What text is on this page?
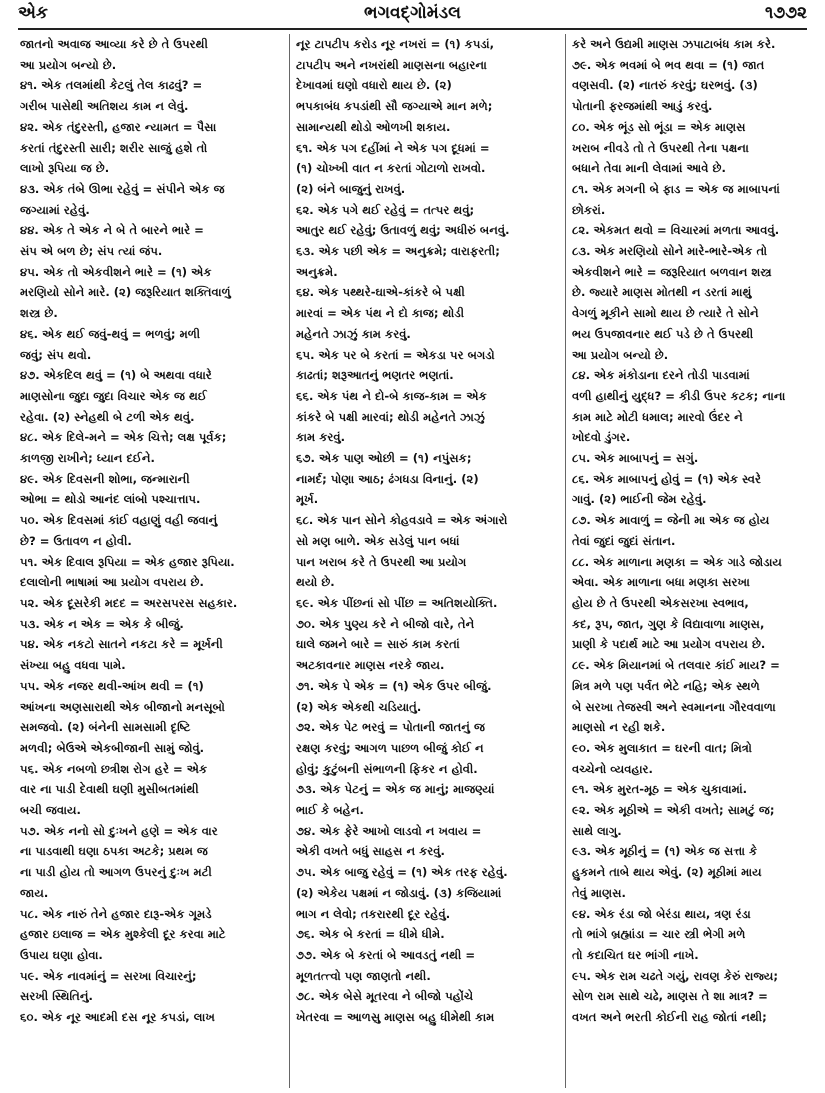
ભગવદ્ગોમંડલ
એક	૧૭૭૨
જાતનો અવાજ આવ્યા કરે છે તે ઉપરથી
આ પ્રયોગ બન્યો છે.
૪૧. એક તલમાંથી કેટલું તેલ કાઢવું? =
ગરીબ પાસેથી અતિશય કામ ન લેવું.
૪૨. એક તંદુરસ્તી, હજાર ન્યામત = પૈસા
કરતાં તંદુરસ્તી સારી; શરીર સાજું હશે તો
લાખો રૂપિયા જ છે.
૪૩. એક તંબે ઊભા રહેવું = સંપીને એક જ
જગ્યામાં રહેવું.
૪૪. એક તે એક ને બે તે બારને ભારે =
સંપ એ બળ છે; સંપ ત્યાં જંપ.
૪૫. એક તો એકવીશને ભારે = (૧) એક
મરણિયો સોને મારે. (૨) જરૂરિયાત શક્તિવાળું
શસ્ત્ર છે.
૪૬. એક થઈ જવું-થવું = ભળવું; મળી
જવું; સંપ થવો.
૪૭. એકદિલ થવું = (૧) બે અથવા વધારે
માણસોના જુદા જુદા વિચાર એક જ થઈ
રહેવા. (૨) સ્નેહથી બે ટળી એક થવું.
૪૮. એક દિલે-મને = એક ચિત્તે; લક્ષ પૂર્વક;
કાળજી રાખીને; ધ્યાન દઈને.
૪૯. એક દિવસની શોભા, જન્મારાની
ઓભા = થોડો આનંદ લાંબો પશ્ચાત્તાપ.
૫૦. એક દિવસમાં કાંઈ વહાણું વહી જવાનું
છે? = ઉતાવળ ન હોવી.
૫૧. એક દિવાલ રૂપિયા = એક હજાર રૂપિયા.
દલાલોની ભાષામાં આ પ્રયોગ વપરાય છે.
૫૨. એક દૂસરેકી મદદ = અરસપરસ સહકાર.
૫૩. એક ન એક = એક કે બીજું.
૫૪. એક નકટો સાતને નકટા કરે = મૂર્ખની
સંખ્યા બહુ વધવા પામે.
૫૫. એક નજર થવી-આંખ થવી = (૧)
આંખના અણસારાથી એક બીજાનો મનસૂબો
સમજવો. (૨) બંનેની સામસામી દૃષ્ટિ
મળવી; બેઉએ એકબીજાની સામું જોવું.
૫૬. એક નબળો છત્રીશ રોગ હરે = એક
વાર ના પાડી દેવાથી ઘણી મુસીબતમાંથી
બચી જવાય.
૫૭. એક નનો સો દુઃખને હણે = એક વાર
ના પાડવાથી ઘણા ઠપકા અટકે; પ્રથમ જ
ના પાડી હોય તો આગળ ઉપરનું દુઃખ મટી
જાય.
૫૮. એક નારું તેને હજાર દારૂ-એક ગૂમડે
હજાર ઇલાજ = એક મુશ્કેલી દૂર કરવા માટે
ઉપાય ઘણા હોવા.
૫૯. એક નાવમાંનું = સરખા વિચારનું;
સરખી સ્થિતિનું.
૬૦. એક નૂર આદમી દસ નૂર કપડાં, લાખ
નૂર ટાપટીપ કરોડ નૂર નખરાં = (૧) કપડાં,
ટાપટીપ અને નખરાંથી માણસના બહારના
દેખાવમાં ઘણો વધારો થાય છે. (૨)
ભપકાબંધ કપડાંથી સૌ જગ્યાએ માન મળે;
સામાન્યથી થોડો ઓળખી શકાય.
૬૧. એક પગ દહીંમાં ને એક પગ દૂધમાં =
(૧) ચોખ્ખી વાત ન કરતાં ગોટાળો રાખવો.
(૨) બંને બાજુનું રાખવું.
૬૨. એક પગે થઈ રહેવું = તત્પર થવું;
આતુર થઈ રહેવું; ઉતાવળું થવું; અધીરું બનવું.
૬૩. એક પછી એક = અનુક્રમે; વારાફરતી;
અનુક્રમે.
૬૪. એક પથ્થરે-ઘાએ-કાંકરે બે પક્ષી
મારવાં = એક પંથ ને દો કાજ; થોડી
મહેનતે ઝાઝું કામ કરવું.
૬૫. એક પર બે કરતાં = એકડા પર બગડો
કાઢતાં; શરૂઆતનું ભણતર ભણતાં.
૬૬. એક પંથ ને દો-બે કાજ-કામ = એક
કાંકરે બે પક્ષી મારવાં; થોડી મહેનતે ઝાઝું
કામ કરવું.
૬૭. એક પાણ ઓછી = (૧) નપુંસક;
નામર્દ; પોણા આઠ; ઢંગધડા વિનાનું. (૨)
મૂર્ખ.
૬૮. એક પાન સોને કોહવડાવે = એક અંગારો
સો મણ બાળે. એક સડેલું પાન બધાં
પાન ખરાબ કરે તે ઉપરથી આ પ્રયોગ
થયો છે.
૬૯. એક પીંછનાં સો પીંછ = અતિશયોક્તિ.
૭૦. એક પુણ્ય કરે ને બીજો વારે, તેને
ઘાલે જમને બારે = સારું કામ કરતાં
અટકાવનાર માણસ નરકે જાય.
૭૧. એક પે એક = (૧) એક ઉપર બીજું.
(૨) એક એકથી ચડિયાતું.
૭૨. એક પેટ ભરવું = પોતાની જાતનું જ
રક્ષણ કરવું; આગળ પાછળ બીજું કોઈ ન
હોવું; કુટુંબની સંભાળની ફિકર ન હોવી.
૭૩. એક પેટનું = એક જ માનું; માજણ્યાં
ભાઈ કે બહેન.
૭૪. એક ફેરે આખો લાડવો ન ખવાય =
એકી વખતે બધું સાહસ ન કરવું.
૭૫. એક બાજુ રહેવું = (૧) એક તરફ રહેવું.
(૨) એકેય પક્ષમાં ન જોડાવું. (૩) કજિયામાં
ભાગ ન લેવો; તકરારથી દૂર રહેવું.
૭૬. એક બે કરતાં = ધીમે ધીમે.
૭૭. એક બે કરતાં બે આવડતું નથી =
મૂળતત્ત્વો પણ જાણતો નથી.
૭૮. એક બેસે મૂતરવા ને બીજો પહોંચે
ખેતરવા = આળસુ માણસ બહુ ધીમેથી કામ
કરે અને ઉદ્યમી માણસ ઝપાટાબંધ કામ કરે.
૭૯. એક ભવમાં બે ભવ થવા = (૧) જાત
વણસવી. (૨) નાતરું કરવું; ઘરભવું. (૩)
પોતાની ફરજમાંથી આડું કરવું.
૮૦. એક ભૂંડ સો ભૂંડા = એક માણસ
ખરાબ નીવડે તો તે ઉપરથી તેના પક્ષના
બધાને તેવા માની લેવામાં આવે છે.
૮૧. એક મગની બે ફાડ = એક જ માબાપનાં
છોકરાં.
૮૨. એકમત થવો = વિચારમાં મળતા આવવું.
૮૩. એક મરણિયો સોને મારે-ભારે-એક તો
એકવીશને ભારે = જરૂરિયાત બળવાન શસ્ત્ર
છે. જ્યારે માણસ મોતથી ન ડરતાં માથું
વેગળું મૂકીને સામો થાય છે ત્યારે તે સોને
ભય ઉપજાવનાર થઈ પડે છે તે ઉપરથી
આ પ્રયોગ બન્યો છે.
૮૪. એક મંકોડાના દરને તોડી પાડવામાં
વળી હાથીનું યુદ્ધ? = કીડી ઉપર કટક; નાના
કામ માટે મોટી ધમાલ; મારવો ઉંદર ને
ખોદવો ડુંગર.
૮૫. એક માબાપનું = સગું.
૮૬. એક માબાપનું હોવું = (૧) એક સ્વરે
ગાવું. (૨) ભાઈની જેમ રહેવું.
૮૭. એક માવાળું = જેની મા એક જ હોય
તેવાં જુદાં જુદાં સંતાન.
૮૮. એક માળાના મણકા = એક ગાડે જોડાય
એવા. એક માળાના બધા મણકા સરખા
હોય છે તે ઉપરથી એકસરખા સ્વભાવ,
કદ, રૂપ, જાત, ગુણ કે વિદ્યાવાળા માણસ,
પ્રાણી કે પદાર્થ માટે આ પ્રયોગ વપરાય છે.
૮૯. એક મિયાનમાં બે તલવાર કાંઈ માય? =
મિત્ર મળે પણ પર્વત ભેટે નહિ; એક સ્થળે
બે સરખા તેજસ્વી અને સ્વમાનના ગૌરવવાળા
માણસો ન રહી શકે.
૯૦. એક મુલાકાત = ઘરની વાત; મિત્રો
વચ્ચેનો વ્યવહાર.
૯૧. એક મુરત-મૂઠ = એક ચુકાવામાં.
૯૨. એક મૂઠીએ = એકી વખતે; સામટું જ;
સાથે લાગુ.
૯૩. એક મૂઠીનું = (૧) એક જ સત્તા કે
હુકમને તાબે થાય એવું. (૨) મૂઠીમાં માય
તેવું માણસ.
૯૪. એક રંડા જો બેરંડા થાય, ત્રણ રંડા
તો ભાંગે બ્રહ્માંડા = ચાર સ્ત્રી ભેગી મળે
તો કદાચિત ઘર ભાંગી નાખે.
૯૫. એક રામ ચઢતે ગયું, રાવણ કેરું રાજ્ય;
સોળ રામ સાથે ચઢે, માણસ તે શા માત્ર? =
વખત અને ભરતી કોઈની રાહ જોતાં નથી;
